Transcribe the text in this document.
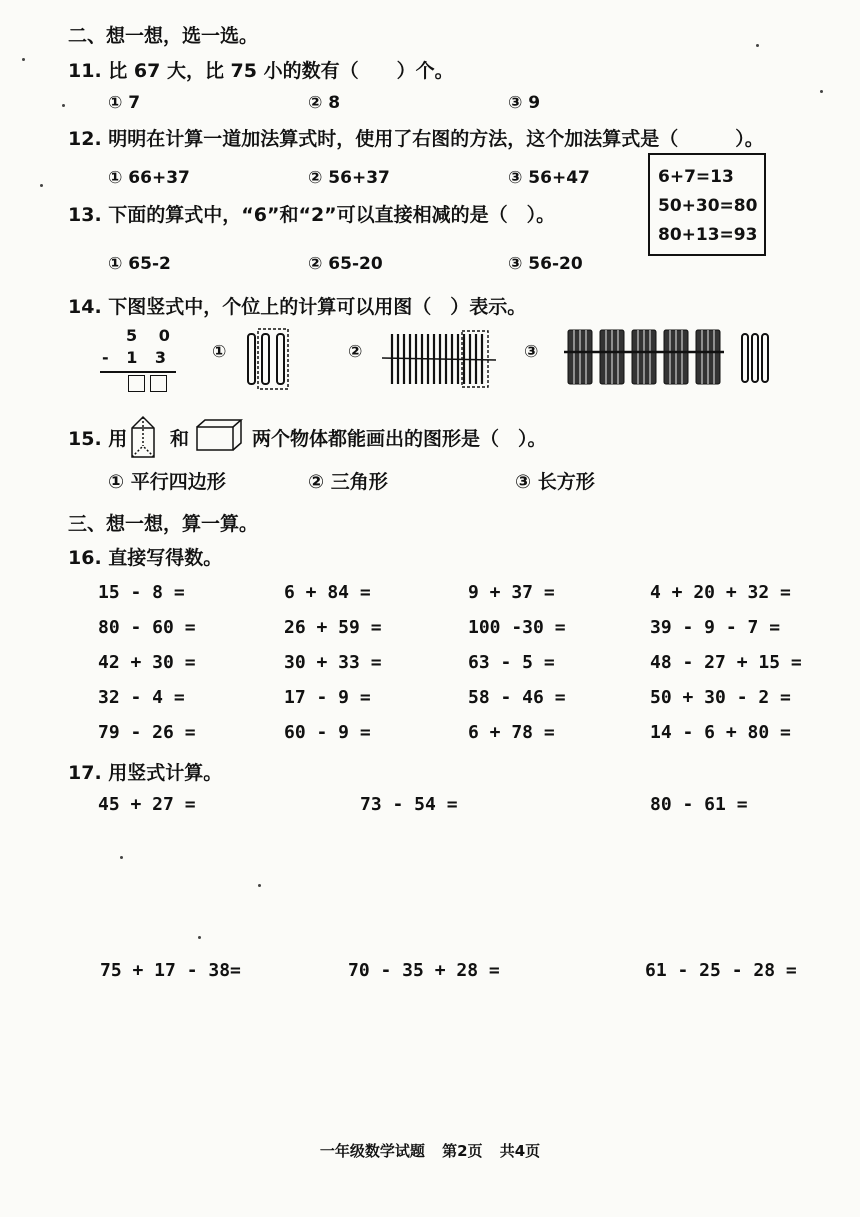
二、想一想，选一选。
11. 比 67 大，比 75 小的数有（　　）个。
① 7	② 8	③ 9
12. 明明在计算一道加法算式时，使用了右图的方法，这个加法算式是（　　　）。
① 66+37	② 56+37	③ 56+47	6+7=13
50+30=80
80+13=93
13. 下面的算式中，“6”和“2”可以直接相减的是（　）。
① 65-2	② 65-20	③ 56-20
14. 下图竖式中，个位上的计算可以用图（　）表示。
5 0
- 1 3 ①	②	③
15. 用 和	两个物体都能画出的图形是（　）。
① 平行四边形	② 三角形	③ 长方形
三、想一想，算一算。
16. 直接写得数。
15 - 8 =	6 + 84 =	9 + 37 =	4 + 20 + 32 =
80 - 60 =	26 + 59 =	100 -30 =	39 - 9 - 7 =
42 + 30 =	30 + 33 =	63 - 5 =	48 - 27 + 15 =
32 - 4 =	17 - 9 =	58 - 46 =	50 + 30 - 2 =
79 - 26 =	60 - 9 =	6 + 78 =	14 - 6 + 80 =
17. 用竖式计算。
45 + 27 =	73 - 54 =	80 - 61 =
75 + 17 - 38=	70 - 35 + 28 =	61 - 25 - 28 =
一年级数学试题 第2页 共4页
